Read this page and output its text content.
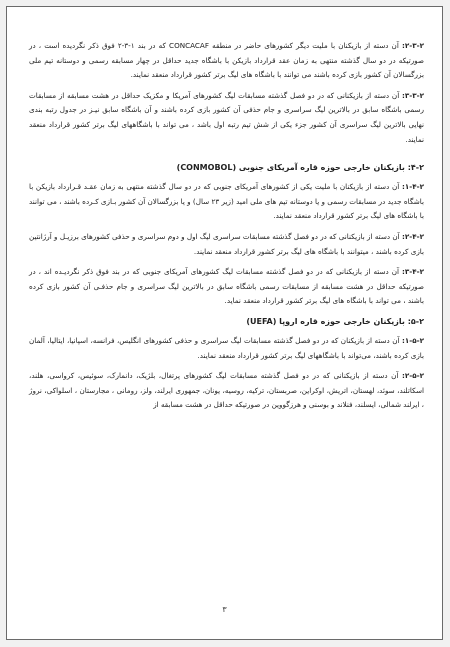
۲-۳-۲: آن دسته از بازیکنان با ملیت دیگر کشورهای حاضر در منطقه CONCACAF که در بند ۱-۳-۲ فوق ذکر نگردیده است ، در صورتیکه در دو سال گذشته منتهی به زمان عقد قرارداد بازیکن با باشگاه جدید حداقل در چهار مسابقه رسمی و دوستانه تیم ملی بزرگسالان آن کشور بازی کرده باشند می توانند با باشگاه های لیگ برتر کشور قرارداد منعقد نمایند.

۳-۳-۲: آن دسته از بازیکنانی که در دو فصل گذشته مسابقات لیگ کشورهای آمریکا و مکزیک حداقل در هشت مسابقه از مسابقات رسمی باشگاه سابق در بالاترین لیگ سراسری و جام حذفی آن کشور بازی کرده باشند و آن باشگاه سابق نیـز در جدول رتبه بندی نهایی بالاترین لیگ سراسری آن کشور جزء یکی از شش تیم رتبه اول باشد ، می تواند با باشگاههای لیگ برتر کشور قرارداد منعقد نمایند.

۴-۲: بازیکنان خارجی حوزه قاره آمریکای جنوبی (CONMOBOL)

۱-۴-۲: آن دسته از بازیکنان با ملیت یکی از کشورهای آمریکای جنوبی که در دو سال گذشته منتهی به زمان عقـد قـرارداد بازیکن با باشگاه جدید در مسابقات رسمی و یا دوستانه تیم های ملی امید (زیر ۲۳ سال) و یا بزرگسالان آن کشور بـازی کـرده باشند ، می توانند با باشگاه های لیگ برتر کشور قرارداد منعقد نمایند.

۲-۴-۲: آن دسته از بازیکنانی که در دو فصل گذشته مسابقات سراسری لیگ اول و دوم سراسری و حذفی کشورهای برزیـل و آرژانتین بازی کرده باشند ، میتوانند با باشگاه های لیگ برتر کشور قرارداد منعقد نمایند.

۳-۴-۲: آن دسته از بازیکنانی که در دو فصل گذشته مسابقات لیگ کشورهای آمریکای جنوبی که در بند فوق ذکر نگردیـده اند ، در صورتیکه حداقل در هشت مسابقه از مسابقات رسمی باشگاه سابق در بالاترین لیگ سراسری و جام حذفـی آن کشور بازی کرده باشند ، می تواند با باشگاه های لیگ برتر کشور قرارداد منعقد نماید.

۵-۲: بازیکنان خارجی حوزه قاره اروپا (UEFA)

۱-۵-۲: آن دسته از بازیکنان که در دو فصل گذشته مسابقات لیگ سراسری و حذفی کشورهای انگلیس، فرانسه، اسپانیا، ایتالیا، آلمان بازی کرده باشند، می‌تواند با باشگاههای لیگ برتر کشور قرارداد منعقد نمایند.

۲-۵-۲: آن دسته از بازیکنانی که در دو فصل گذشته مسابقات لیگ کشورهای پرتغال، بلژیک، دانمارک، سوئیس، کرواسی، هلند، اسکاتلند، سوئد، لهستان، اتریش، اوکراین، صربستان، ترکیه، روسیه، یونان، جمهوری ایرلند، ولز، رومانی ، مجارستان ، اسلواکی، نروژ ، ایرلند شمالی، ایسلند، فنلاند و بوسنی و هرزگووین در صورتیکه حداقل در هشت مسابقه از

۳
